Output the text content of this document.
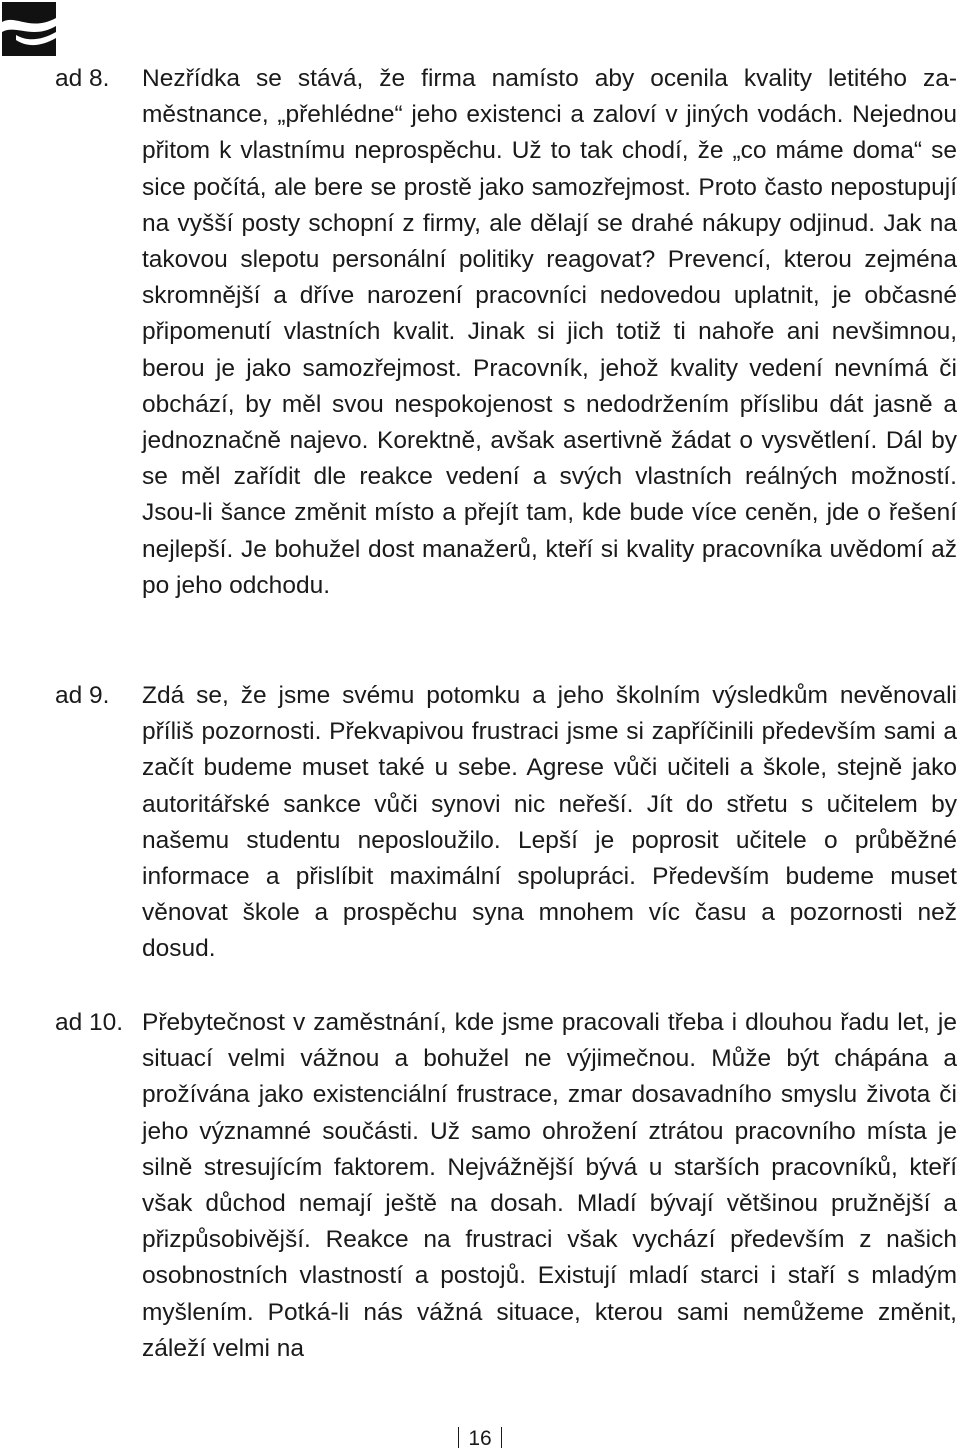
ad 8. Nezřídka se stává, že firma namísto aby ocenila kvality letitého zaměstnance, „přehlédne“ jeho existenci a zaloví v jiných vodách. Nejednou přitom k vlastnímu neprospěchu. Už to tak chodí, že „co máme doma“ se sice počítá, ale bere se prostě jako samozřejmost. Proto často nepostupují na vyšší posty schopní z firmy, ale dělají se drahé nákupy odjinud. Jak na takovou slepotu personální politiky reagovat? Prevencí, kterou zejména skromnější a dříve narození pracovníci nedovedou uplatnit, je občasné připomenutí vlastních kvalit. Jinak si jich totiž ti nahoře ani nevšimnou, berou je jako samozřejmost. Pracovník, jehož kvality vedení nevnímá či obchází, by měl svou nespokojenost s nedodržením příslibu dát jasně a jednoznačně najevo. Korektně, avšak asertivně žádat o vysvětlení. Dál by se měl zařídit dle reakce vedení a svých vlastních reálných možností. Jsou-li šance změnit místo a přejít tam, kde bude více ceněn, jde o řešení nejlepší. Je bohužel dost manažerů, kteří si kvality pracovníka uvědomí až po jeho odchodu.

ad 9. Zdá se, že jsme svému potomku a jeho školním výsledkům nevěnovali příliš pozornosti. Překvapivou frustraci jsme si zapříčinili především sami a začít budeme muset také u sebe. Agrese vůči učiteli a škole, stejně jako autoritářské sankce vůči synovi nic neřeší. Jít do střetu s učitelem by našemu studentu neposloužilo. Lepší je poprosit učitele o průběžné informace a přislíbit maximální spolupráci. Především budeme muset věnovat škole a prospěchu syna mnohem víc času a pozornosti než dosud.

ad 10. Přebytečnost v zaměstnání, kde jsme pracovali třeba i dlouhou řadu let, je situací velmi vážnou a bohužel ne výjimečnou. Může být chápána a prožívána jako existenciální frustrace, zmar dosavadního smyslu života či jeho významné součásti. Už samo ohrožení ztrátou pracovního místa je silně stresujícím faktorem. Nejvážnější bývá u starších pracovníků, kteří však důchod nemají ještě na dosah. Mladí bývají většinou pružnější a přizpůsobivější. Reakce na frustraci však vychází především z našich osobnostních vlastností a postojů. Existují mladí starci i staří s mladým myšlením. Potká-li nás vážná situace, kterou sami nemůžeme změnit, záleží velmi na

16
